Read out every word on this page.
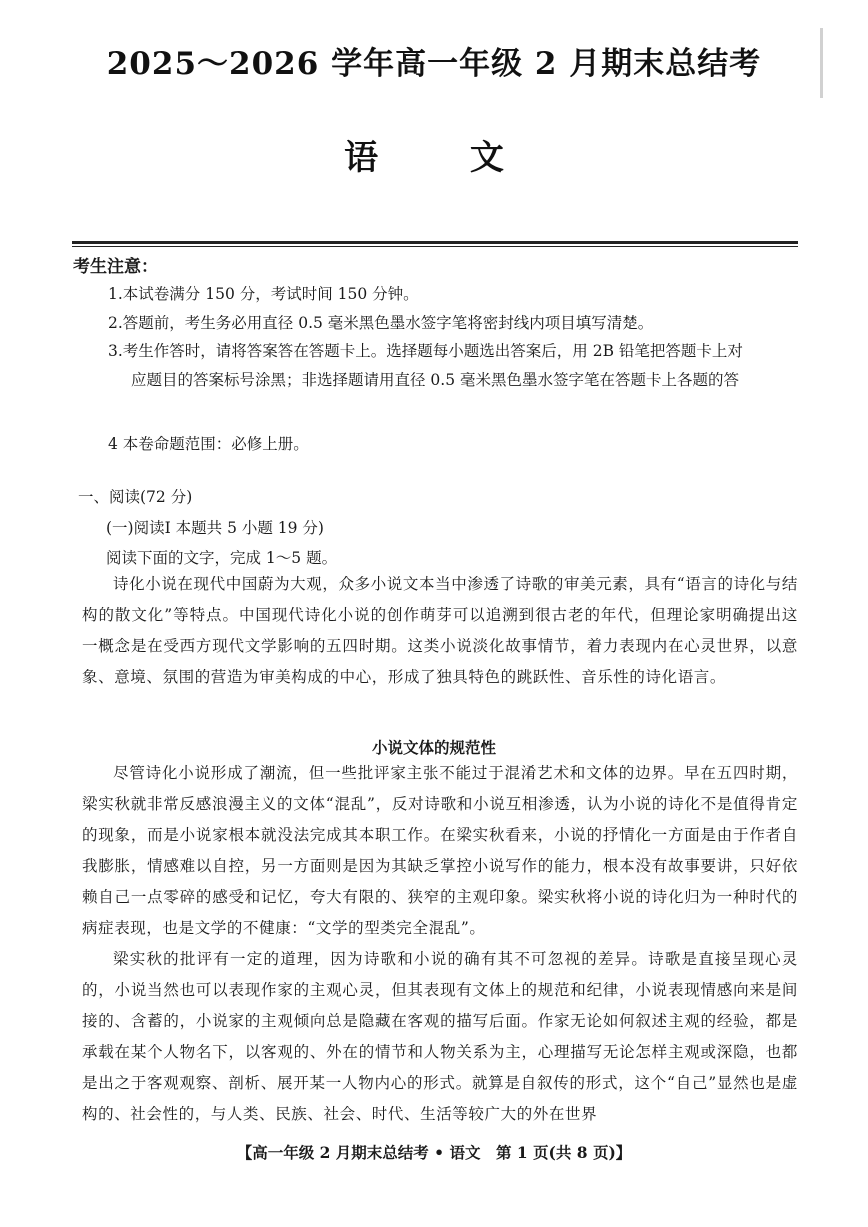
2025～2026 学年高一年级 2 月期末总结考
语 文
考生注意：
1.本试卷满分 150 分，考试时间 150 分钟。
2.答题前，考生务必用直径 0.5 毫米黑色墨水签字笔将密封线内项目填写清楚。
3.考生作答时，请将答案答在答题卡上。选择题每小题选出答案后，用 2B 铅笔把答题卡上对
应题目的答案标号涂黑；非选择题请用直径 0.5 毫米黑色墨水签字笔在答题卡上各题的答
4 本卷命题范围：必修上册。
一、阅读(72 分)
(一)阅读Ⅰ 本题共 5 小题 19 分)
阅读下面的文字，完成 1～5 题。
诗化小说在现代中国蔚为大观，众多小说文本当中渗透了诗歌的审美元素，具有“语言的诗化与结构的散文化”等特点。中国现代诗化小说的创作萌芽可以追溯到很古老的年代，但理论家明确提出这一概念是在受西方现代文学影响的五四时期。这类小说淡化故事情节，着力表现内在心灵世界，以意象、意境、氛围的营造为审美构成的中心，形成了独具特色的跳跃性、音乐性的诗化语言。
小说文体的规范性
尽管诗化小说形成了潮流，但一些批评家主张不能过于混淆艺术和文体的边界。早在五四时期，梁实秋就非常反感浪漫主义的文体“混乱”，反对诗歌和小说互相渗透，认为小说的诗化不是值得肯定的现象，而是小说家根本就没法完成其本职工作。在梁实秋看来，小说的抒情化一方面是由于作者自我膨胀，情感难以自控，另一方面则是因为其缺乏掌控小说写作的能力，根本没有故事要讲，只好依赖自己一点零碎的感受和记忆，夸大有限的、狭窄的主观印象。梁实秋将小说的诗化归为一种时代的病症表现，也是文学的不健康：“文学的型类完全混乱”。
梁实秋的批评有一定的道理，因为诗歌和小说的确有其不可忽视的差异。诗歌是直接呈现心灵的，小说当然也可以表现作家的主观心灵，但其表现有文体上的规范和纪律，小说表现情感向来是间接的、含蓄的，小说家的主观倾向总是隐藏在客观的描写后面。作家无论如何叙述主观的经验，都是承载在某个人物名下，以客观的、外在的情节和人物关系为主，心理描写无论怎样主观或深隐，也都是出之于客观观察、剖析、展开某一人物内心的形式。就算是自叙传的形式，这个“自己”显然也是虚构的、社会性的，与人类、民族、社会、时代、生活等较广大的外在世界
【高一年级 2 月期末总结考 • 语文　第 1 页(共 8 页)】
